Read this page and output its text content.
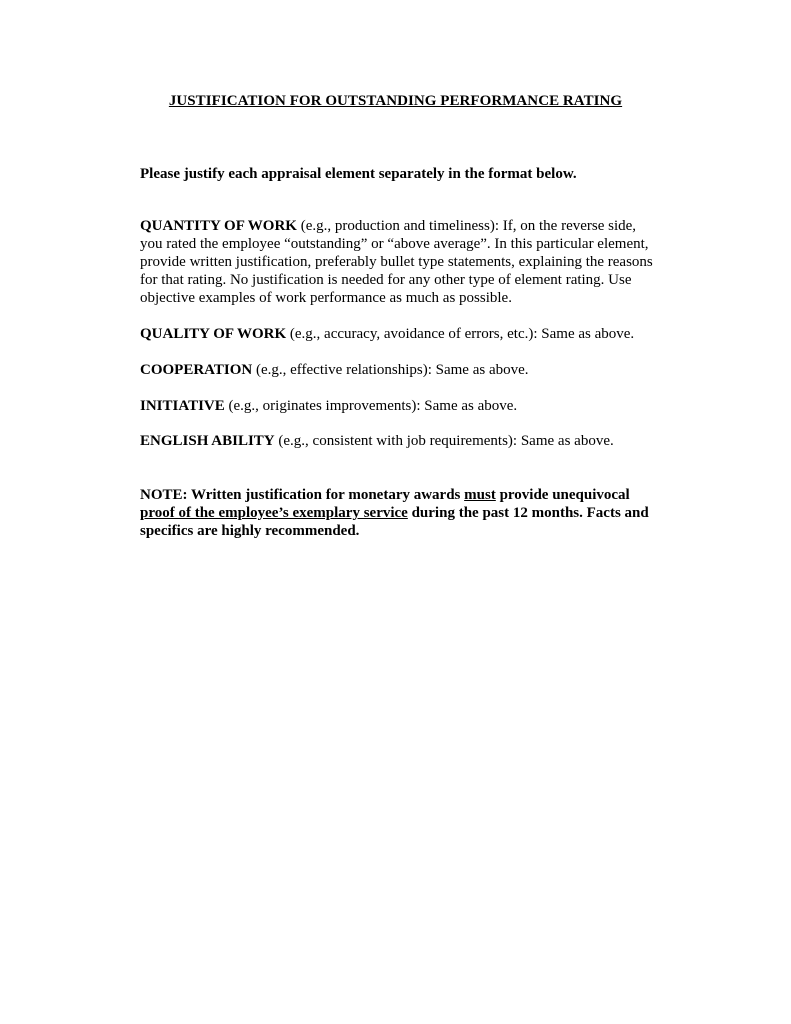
JUSTIFICATION FOR OUTSTANDING PERFORMANCE RATING
Please justify each appraisal element separately in the format below.

QUANTITY OF WORK (e.g., production and timeliness): If, on the reverse side, you rated the employee “outstanding” or “above average”. In this particular element, provide written justification, preferably bullet type statements, explaining the reasons for that rating. No justification is needed for any other type of element rating. Use objective examples of work performance as much as possible.

QUALITY OF WORK (e.g., accuracy, avoidance of errors, etc.): Same as above.

COOPERATION (e.g., effective relationships): Same as above.

INITIATIVE (e.g., originates improvements): Same as above.

ENGLISH ABILITY (e.g., consistent with job requirements): Same as above.

NOTE: Written justification for monetary awards must provide unequivocal proof of the employee’s exemplary service during the past 12 months. Facts and specifics are highly recommended.
